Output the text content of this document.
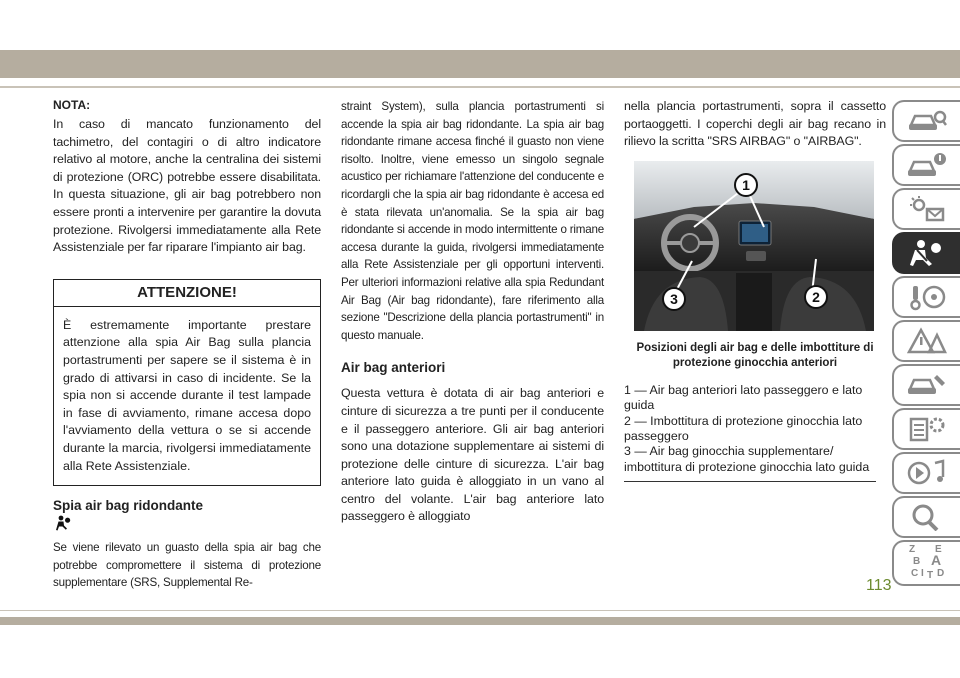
NOTA:

In caso di mancato funzionamento del tachimetro, del contagiri o di altro indicatore relativo al motore, anche la centralina dei sistemi di protezione (ORC) potrebbe essere disabilitata. In questa situazione, gli air bag potrebbero non essere pronti a intervenire per garantire la dovuta protezione. Rivolgersi immediatamente alla Rete Assistenziale per far riparare l'impianto air bag.

ATTENZIONE!

È estremamente importante prestare attenzione alla spia Air Bag sulla plancia portastrumenti per sapere se il sistema è in grado di attivarsi in caso di incidente. Se la spia non si accende durante il test lampade in fase di avviamento, rimane accesa dopo l'avviamento della vettura o se si accende durante la marcia, rivolgersi immediatamente alla Rete Assistenziale.

Spia air bag ridondante

Se viene rilevato un guasto della spia air bag che potrebbe compromettere il sistema di protezione supplementare (SRS, Supplemental Re-

straint System), sulla plancia portastrumenti si accende la spia air bag ridondante. La spia air bag ridondante rimane accesa finché il guasto non viene risolto. Inoltre, viene emesso un singolo segnale acustico per richiamare l'attenzione del conducente e ricordargli che la spia air bag ridondante è accesa ed è stata rilevata un'anomalia. Se la spia air bag ridondante si accende in modo intermittente o rimane accesa durante la guida, rivolgersi immediatamente alla Rete Assistenziale per gli opportuni interventi. Per ulteriori informazioni relative alla spia Redundant Air Bag (Air bag ridondante), fare riferimento alla sezione "Descrizione della plancia portastrumenti" in questo manuale.

Air bag anteriori

Questa vettura è dotata di air bag anteriori e cinture di sicurezza a tre punti per il conducente e il passeggero anteriore. Gli air bag anteriori sono una dotazione supplementare ai sistemi di protezione delle cinture di sicurezza. L'air bag anteriore lato guida è alloggiato in un vano al centro del volante. L'air bag anteriore lato passeggero è alloggiato

nella plancia portastrumenti, sopra il cassetto portaoggetti. I coperchi degli air bag recano in rilievo la scritta "SRS AIRBAG" o "AIRBAG".

1
2
3

Posizioni degli air bag e delle imbottiture di protezione ginocchia anteriori

1 — Air bag anteriori lato passeggero e lato guida

2 — Imbottitura di protezione ginocchia lato passeggero

3 — Air bag ginocchia supplementare/ imbottitura di protezione ginocchia lato guida

Z E
B A
C D
I T

113
